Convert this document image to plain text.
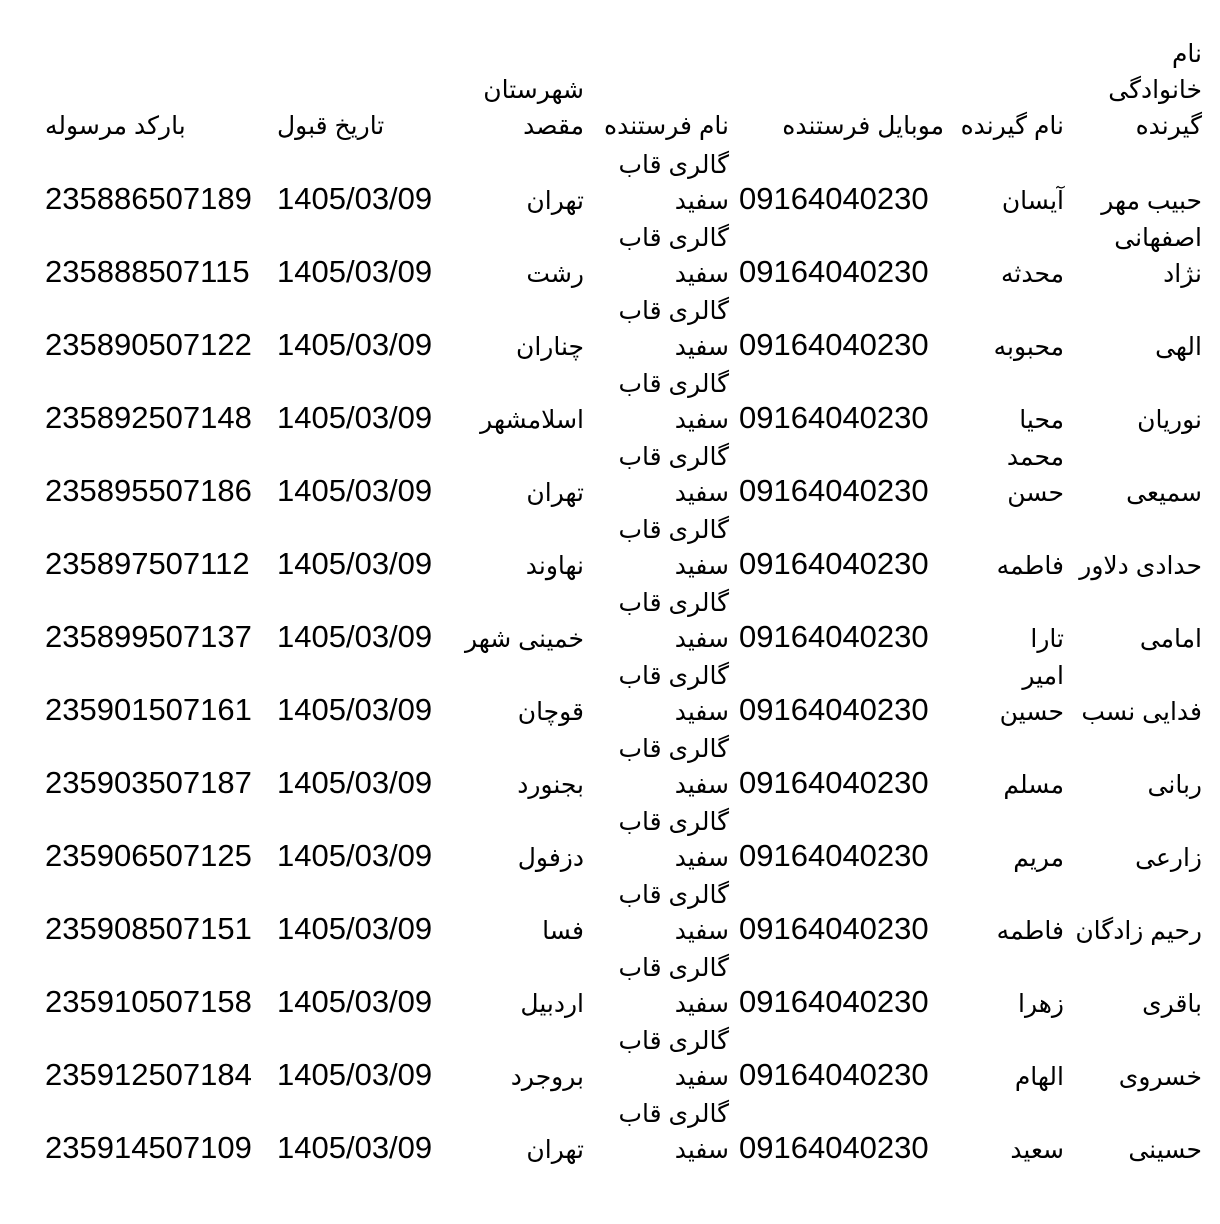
نام خانوادگی گیرنده	نام گیرنده	موبایل فرستنده	نام فرستنده	شهرستان مقصد	تاریخ قبول	بارکد مرسوله
حبیب مهر	آیسان	09164040230	گالری قاب سفید	تهران	1405/03/09	235886507189
اصفهانی نژاد	محدثه	09164040230	گالری قاب سفید	رشت	1405/03/09	235888507115
الهی	محبوبه	09164040230	گالری قاب سفید	چناران	1405/03/09	235890507122
نوریان	محیا	09164040230	گالری قاب سفید	اسلامشهر	1405/03/09	235892507148
سمیعی	محمد حسن	09164040230	گالری قاب سفید	تهران	1405/03/09	235895507186
حدادی دلاور	فاطمه	09164040230	گالری قاب سفید	نهاوند	1405/03/09	235897507112
امامی	تارا	09164040230	گالری قاب سفید	خمینی شهر	1405/03/09	235899507137
فدایی نسب	امیر حسین	09164040230	گالری قاب سفید	قوچان	1405/03/09	235901507161
ربانی	مسلم	09164040230	گالری قاب سفید	بجنورد	1405/03/09	235903507187
زارعی	مریم	09164040230	گالری قاب سفید	دزفول	1405/03/09	235906507125
رحیم زادگان	فاطمه	09164040230	گالری قاب سفید	فسا	1405/03/09	235908507151
باقری	زهرا	09164040230	گالری قاب سفید	اردبیل	1405/03/09	235910507158
خسروی	الهام	09164040230	گالری قاب سفید	بروجرد	1405/03/09	235912507184
حسینی	سعید	09164040230	گالری قاب سفید	تهران	1405/03/09	235914507109
